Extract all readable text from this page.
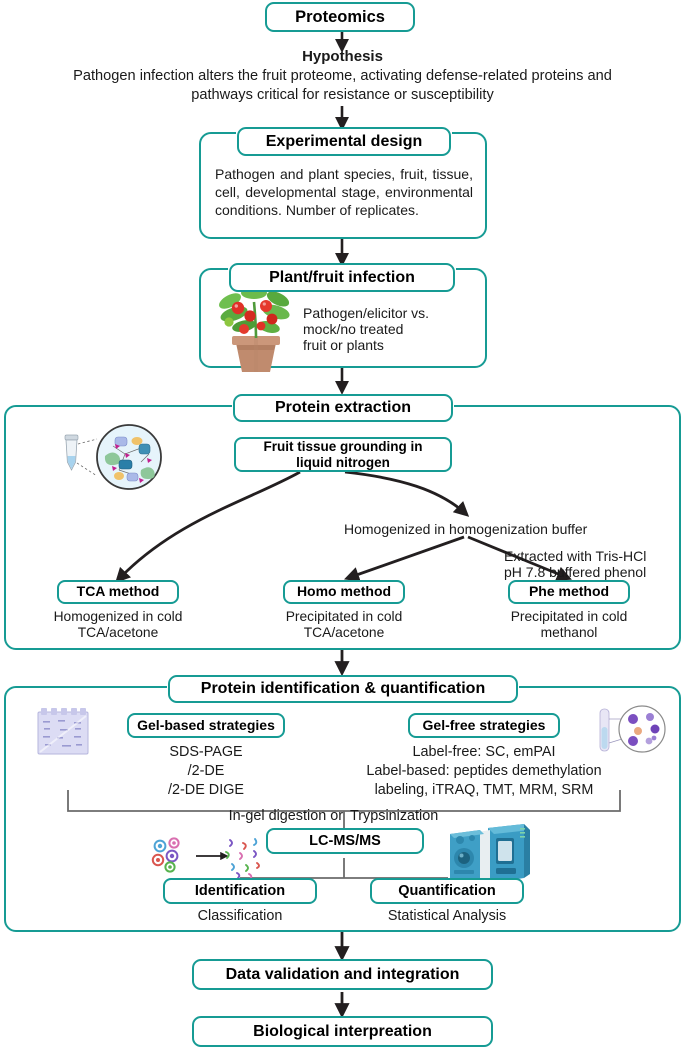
Proteomics
Hypothesis
Pathogen infection alters the fruit proteome, activating defense-related proteins and
pathways critical for resistance or susceptibility
Experimental design
Pathogen and plant species, fruit, tissue, cell, developmental stage, environmental conditions. Number of replicates.
Plant/fruit infection
Pathogen/elicitor vs.
mock/no treated
fruit or plants
Protein extraction
Fruit tissue grounding in
liquid nitrogen
Homogenized in homogenization buffer
Extracted with Tris-HCl
pH 7.8 buffered phenol
TCA method
Homogenized in cold
TCA/acetone
Homo method
Precipitated in cold
TCA/acetone
Phe method
Precipitated in cold
methanol
Protein identification & quantification
Gel-based strategies
SDS-PAGE
/2-DE
/2-DE DIGE
Gel-free strategies
Label-free: SC, emPAI
Label-based: peptides demethylation
labeling, iTRAQ, TMT, MRM, SRM
In-gel digestion or Trypsinization
LC-MS/MS
Identification
Classification
Quantification
Statistical Analysis
Data validation and integration
Biological interpreation
